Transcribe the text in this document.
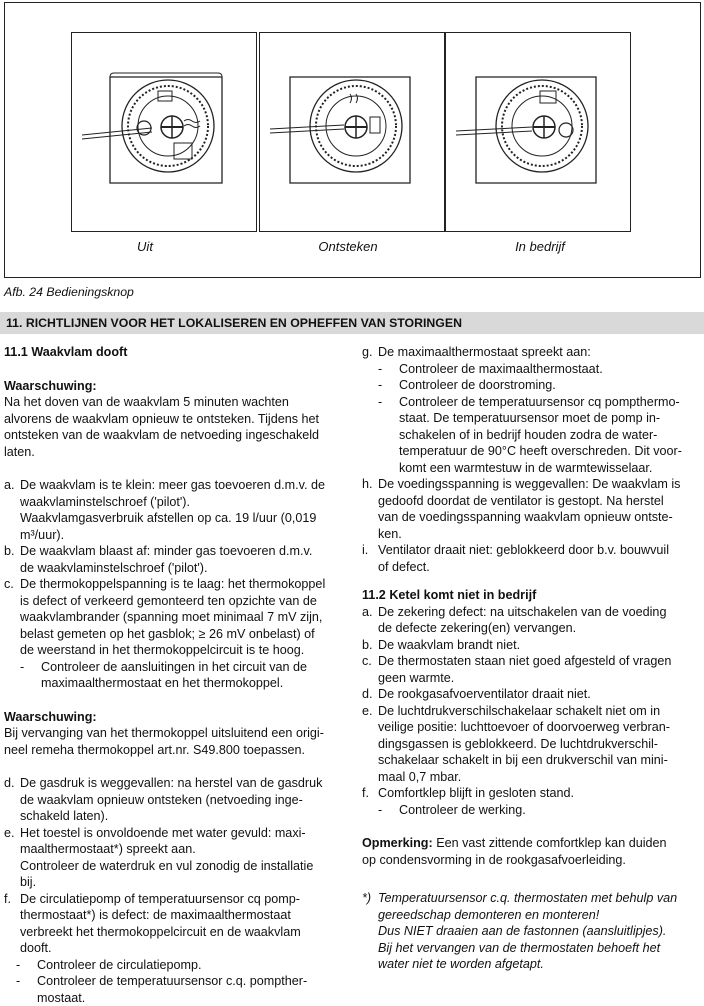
Uit	Ontsteken	In bedrijf
Afb. 24 Bedieningsknop
11. RICHTLIJNEN VOOR HET LOKALISEREN EN OPHEFFEN VAN STORINGEN

11.1 Waakvlam dooft

Waarschuwing:

Na het doven van de waakvlam 5 minuten wachten
alvorens de waakvlam opnieuw te ontsteken. Tijdens het
ontsteken van de waakvlam de netvoeding ingeschakeld
laten.
a. De waakvlam is te klein: meer gas toevoeren d.m.v. de
waakvlaminstelschroef ('pilot').
Waakvlamgasverbruik afstellen op ca. 19 l/uur (0,019
m³/uur).
b. De waakvlam blaast af: minder gas toevoeren d.m.v.
de waakvlaminstelschroef ('pilot').
c. De thermokoppelspanning is te laag: het thermokoppel
is defect of verkeerd gemonteerd ten opzichte van de
waakvlambrander (spanning moet minimaal 7 mV zijn,
belast gemeten op het gasblok; ≥ 26 mV onbelast) of
de weerstand in het thermokoppelcircuit is te hoog.
- Controleer de aansluitingen in het circuit van de
maximaalthermostaat en het thermokoppel.

Waarschuwing:

Bij vervanging van het thermokoppel uitsluitend een origi-
neel remeha thermokoppel art.nr. S49.800 toepassen.
d. De gasdruk is weggevallen: na herstel van de gasdruk
de waakvlam opnieuw ontsteken (netvoeding inge-
schakeld laten).
e. Het toestel is onvoldoende met water gevuld: maxi-
maalthermostaat*) spreekt aan.
Controleer de waterdruk en vul zonodig de installatie
bij.
f. De circulatiepomp of temperatuursensor cq pomp-
thermostaat*) is defect: de maximaalthermostaat
verbreekt het thermokoppelcircuit en de waakvlam
dooft.
- Controleer de circulatiepomp.
- Controleer de temperatuursensor c.q. pompther-
mostaat.
g. De maximaalthermostaat spreekt aan:
- Controleer de maximaalthermostaat.
- Controleer de doorstroming.
- Controleer de temperatuursensor cq pompthermo-
staat. De temperatuursensor moet de pomp in-
schakelen of in bedrijf houden zodra de water-
temperatuur de 90°C heeft overschreden. Dit voor-
komt een warmtestuw in de warmtewisselaar.
h. De voedingsspanning is weggevallen: De waakvlam is
gedoofd doordat de ventilator is gestopt. Na herstel
van de voedingsspanning waakvlam opnieuw ontste-
ken.
i. Ventilator draait niet: geblokkeerd door b.v. bouwvuil
of defect.

11.2 Ketel komt niet in bedrijf

a. De zekering defect: na uitschakelen van de voeding
de defecte zekering(en) vervangen.
b. De waakvlam brandt niet.
c. De thermostaten staan niet goed afgesteld of vragen
geen warmte.
d. De rookgasafvoerventilator draait niet.
e. De luchtdrukverschilschakelaar schakelt niet om in
veilige positie: luchttoevoer of doorvoerweg verbran-
dingsgassen is geblokkeerd. De luchtdrukverschil-
schakelaar schakelt in bij een drukverschil van mini-
maal 0,7 mbar.
f. Comfortklep blijft in gesloten stand.
- Controleer de werking.

Opmerking: Een vast zittende comfortklep kan duiden

op condensvorming in de rookgasafvoerleiding.

*) Temperatuursensor c.q. thermostaten met behulp van
gereedschap demonteren en monteren!
Dus NIET draaien aan de fastonnen (aansluitlipjes).
Bij het vervangen van de thermostaten behoeft het
water niet te worden afgetapt.
